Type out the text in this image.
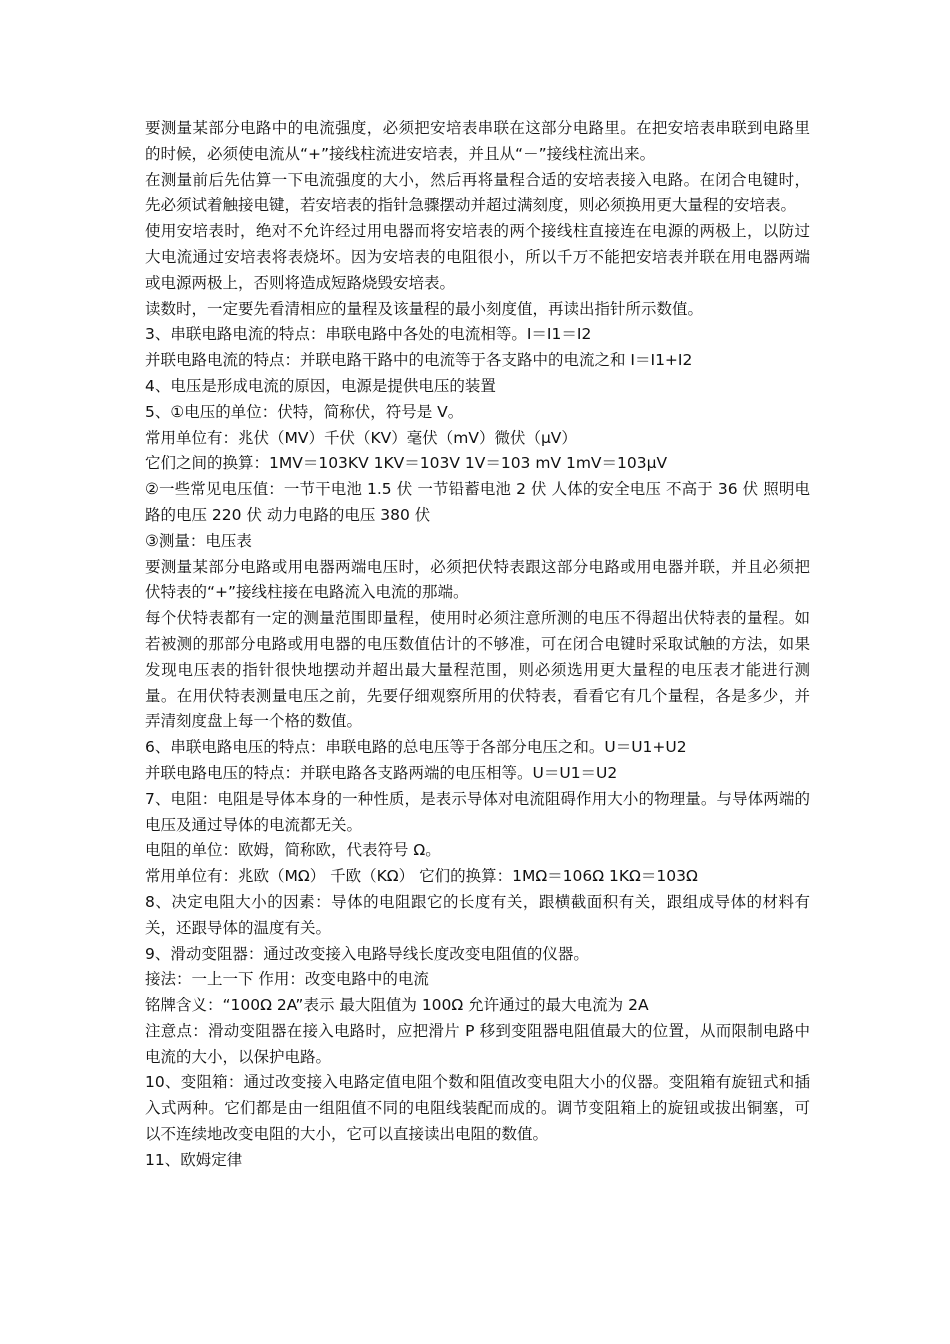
要测量某部分电路中的电流强度，必须把安培表串联在这部分电路里。在把安培表串联到电路里的时候，必须使电流从“+”接线柱流进安培表，并且从“－”接线柱流出来。

在测量前后先估算一下电流强度的大小，然后再将量程合适的安培表接入电路。在闭合电键时，先必须试着触接电键，若安培表的指针急骤摆动并超过满刻度，则必须换用更大量程的安培表。

使用安培表时，绝对不允许经过用电器而将安培表的两个接线柱直接连在电源的两极上，以防过大电流通过安培表将表烧坏。因为安培表的电阻很小，所以千万不能把安培表并联在用电器两端或电源两极上，否则将造成短路烧毁安培表。

读数时，一定要先看清相应的量程及该量程的最小刻度值，再读出指针所示数值。

3、串联电路电流的特点：串联电路中各处的电流相等。I＝I1＝I2

并联电路电流的特点：并联电路干路中的电流等于各支路中的电流之和 I＝I1+I2

4、电压是形成电流的原因，电源是提供电压的装置

5、①电压的单位：伏特，简称伏，符号是 V。

常用单位有：兆伏（MV）千伏（KV）毫伏（mV）微伏（μV）

它们之间的换算：1MV＝103KV 1KV＝103V 1V＝103 mV 1mV＝103μV

②一些常见电压值：一节干电池 1.5 伏 一节铅蓄电池 2 伏 人体的安全电压 不高于 36 伏 照明电路的电压 220 伏 动力电路的电压 380 伏

③测量：电压表

要测量某部分电路或用电器两端电压时，必须把伏特表跟这部分电路或用电器并联，并且必须把伏特表的“+”接线柱接在电路流入电流的那端。

每个伏特表都有一定的测量范围即量程，使用时必须注意所测的电压不得超出伏特表的量程。如若被测的那部分电路或用电器的电压数值估计的不够准，可在闭合电键时采取试触的方法，如果发现电压表的指针很快地摆动并超出最大量程范围，则必须选用更大量程的电压表才能进行测量。在用伏特表测量电压之前，先要仔细观察所用的伏特表，看看它有几个量程，各是多少，并弄清刻度盘上每一个格的数值。

6、串联电路电压的特点：串联电路的总电压等于各部分电压之和。U＝U1+U2

并联电路电压的特点：并联电路各支路两端的电压相等。U＝U1＝U2

7、电阻：电阻是导体本身的一种性质，是表示导体对电流阻碍作用大小的物理量。与导体两端的电压及通过导体的电流都无关。

电阻的单位：欧姆，简称欧，代表符号 Ω。

常用单位有：兆欧（MΩ） 千欧（KΩ） 它们的换算：1MΩ＝106Ω 1KΩ＝103Ω

8、决定电阻大小的因素：导体的电阻跟它的长度有关，跟横截面积有关，跟组成导体的材料有关，还跟导体的温度有关。

9、滑动变阻器：通过改变接入电路导线长度改变电阻值的仪器。

接法：一上一下 作用：改变电路中的电流

铭牌含义：“100Ω 2A”表示 最大阻值为 100Ω 允许通过的最大电流为 2A

注意点：滑动变阻器在接入电路时，应把滑片 P 移到变阻器电阻值最大的位置，从而限制电路中电流的大小，以保护电路。

10、变阻箱：通过改变接入电路定值电阻个数和阻值改变电阻大小的仪器。变阻箱有旋钮式和插入式两种。它们都是由一组阻值不同的电阻线装配而成的。调节变阻箱上的旋钮或拔出铜塞，可以不连续地改变电阻的大小，它可以直接读出电阻的数值。

11、欧姆定律
